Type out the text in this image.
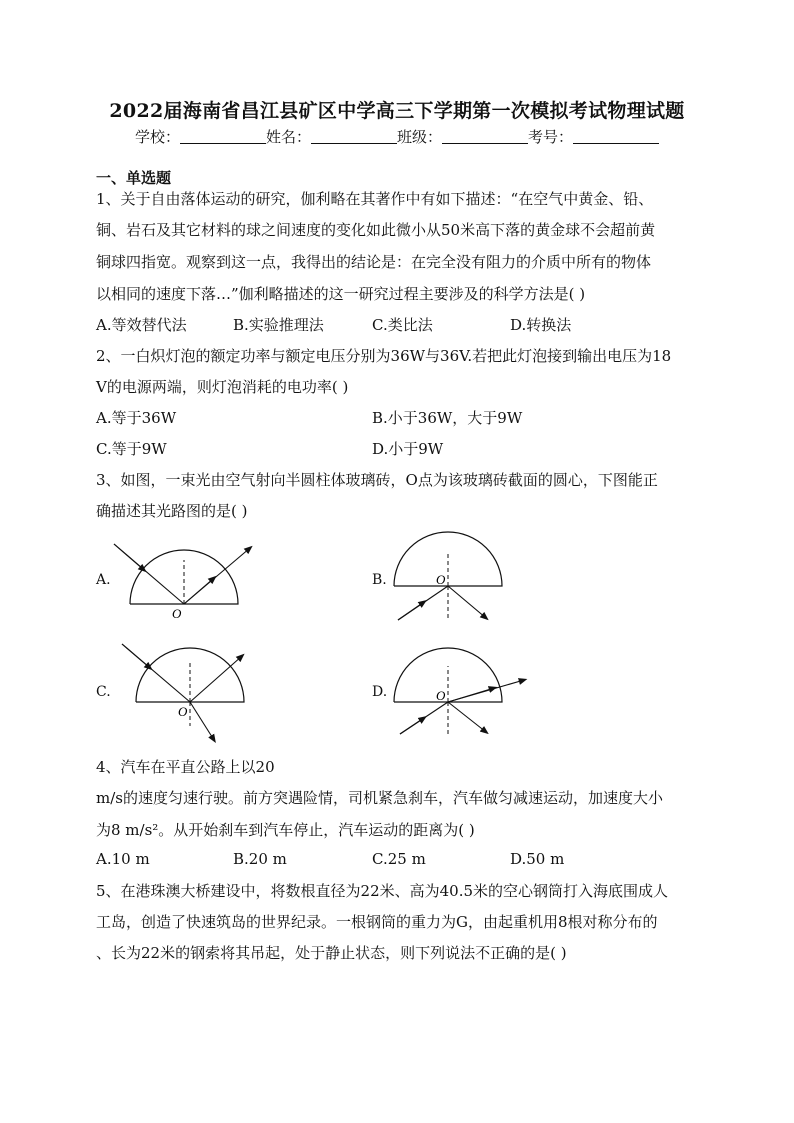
2022届海南省昌江县矿区中学高三下学期第一次模拟考试物理试题
学校：	姓名：	班级：	考号：
一、单选题
1、关于自由落体运动的研究，伽利略在其著作中有如下描述：“在空气中黄金、铅、
铜、岩石及其它材料的球之间速度的变化如此微小从50米高下落的黄金球不会超前黄
铜球四指宽。观察到这一点，我得出的结论是：在完全没有阻力的介质中所有的物体
以相同的速度下落…”伽利略描述的这一研究过程主要涉及的科学方法是( )
A.等效替代法	B.实验推理法	C.类比法	D.转换法
2、一白炽灯泡的额定功率与额定电压分别为36W与36V.若把此灯泡接到输出电压为18
V的电源两端，则灯泡消耗的电功率( )
A.等于36W	B.小于36W，大于9W
C.等于9W	D.小于9W
3、如图，一束光由空气射向半圆柱体玻璃砖，O点为该玻璃砖截面的圆心，下图能正
确描述其光路图的是( )
A.
O
B.	O
C.
O
D.	O
4、汽车在平直公路上以20
m/s的速度匀速行驶。前方突遇险情，司机紧急刹车，汽车做匀减速运动，加速度大小
为8 m/s²。从开始刹车到汽车停止，汽车运动的距离为( )
A.10 m	B.20 m	C.25 m	D.50 m
5、在港珠澳大桥建设中，将数根直径为22米、高为40.5米的空心钢筒打入海底围成人
工岛，创造了快速筑岛的世界纪录。一根钢筒的重力为G，由起重机用8根对称分布的
、长为22米的钢索将其吊起，处于静止状态，则下列说法不正确的是( )
